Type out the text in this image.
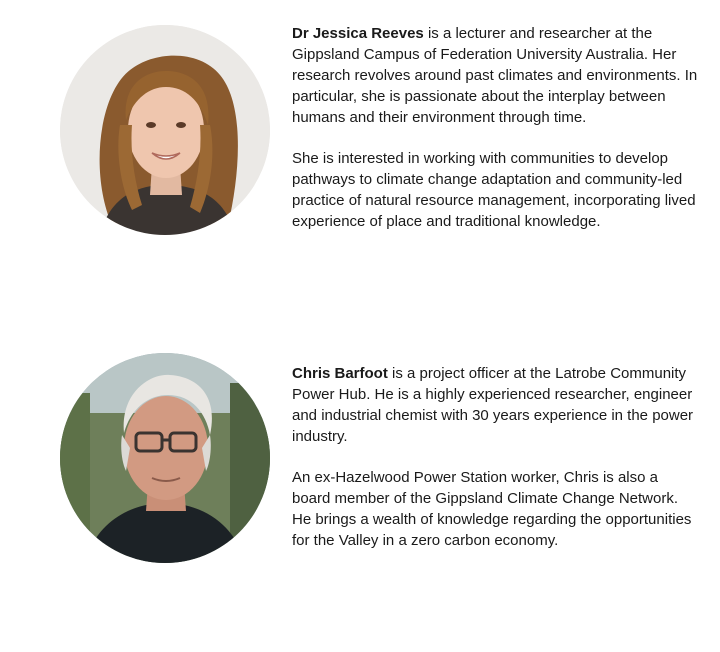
Dr Jessica Reeves is a lecturer and researcher at the Gippsland Campus of Federation University Australia. Her research revolves around past climates and environments. In particular, she is passionate about the interplay between humans and their environment through time.

She is interested in working with communities to develop pathways to climate change adaptation and community-led practice of natural resource management, incorporating lived experience of place and traditional knowledge.

Chris Barfoot is a project officer at the Latrobe Community Power Hub. He is a highly experienced researcher, engineer and industrial chemist with 30 years experience in the power industry.

An ex-Hazelwood Power Station worker, Chris is also a board member of the Gippsland Climate Change Network. He brings a wealth of knowledge regarding the opportunities for the Valley in a zero carbon economy.
